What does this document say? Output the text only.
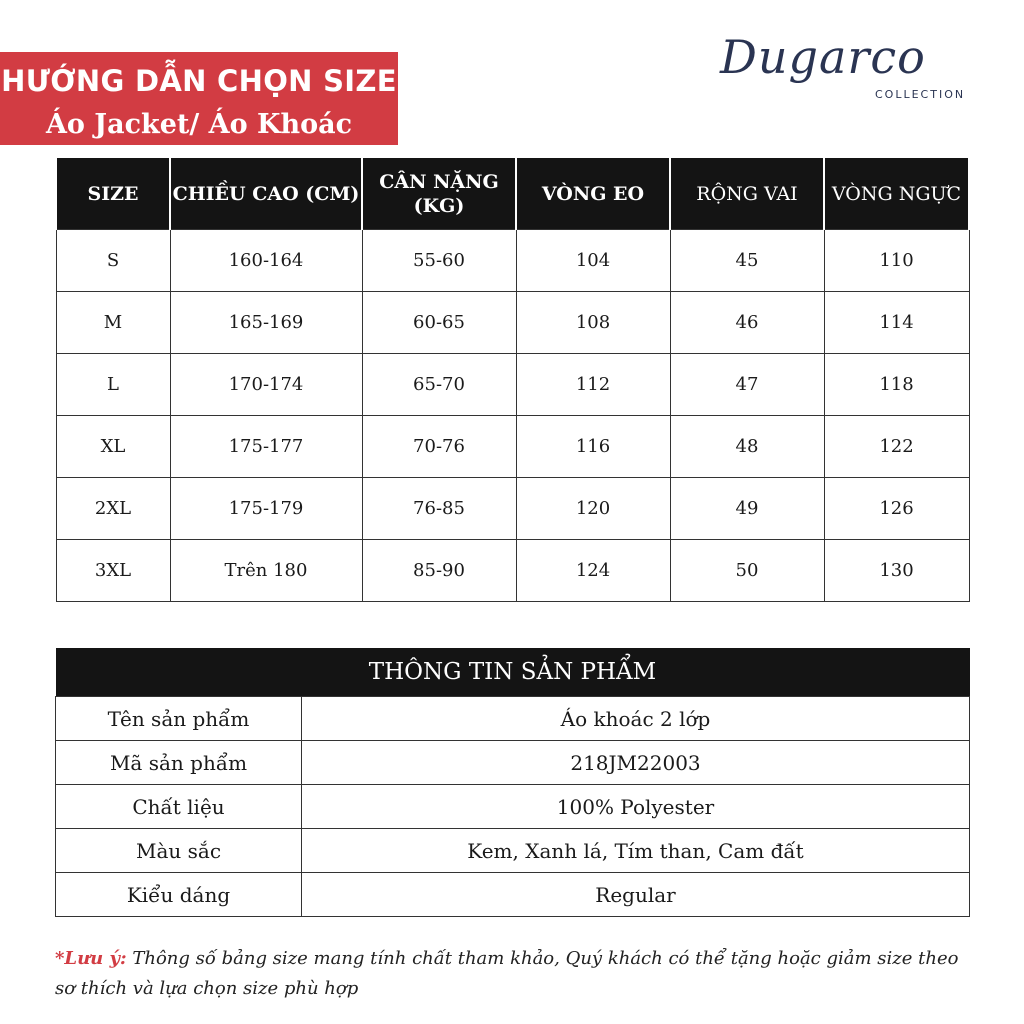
HƯỚNG DẪN CHỌN SIZE
Áo Jacket/ Áo Khoác
Dugarco
COLLECTION
SIZE	CHIỀU CAO (CM)	CÂN NẶNG
(KG)	VÒNG EO	RỘNG VAI	VÒNG NGỰC
S	160-164	55-60	104	45	110
M	165-169	60-65	108	46	114
L	170-174	65-70	112	47	118
XL	175-177	70-76	116	48	122
2XL	175-179	76-85	120	49	126
3XL	Trên 180	85-90	124	50	130
THÔNG TIN SẢN PHẨM	
Tên sản phẩm	Áo khoác 2 lớp
Mã sản phẩm	218JM22003
Chất liệu	100% Polyester
Màu sắc	Kem, Xanh lá, Tím than, Cam đất
Kiểu dáng	Regular
*Lưu ý: Thông số bảng size mang tính chất tham khảo, Quý khách có thể tặng hoặc giảm size theo sơ thích và lựa chọn size phù hợp
